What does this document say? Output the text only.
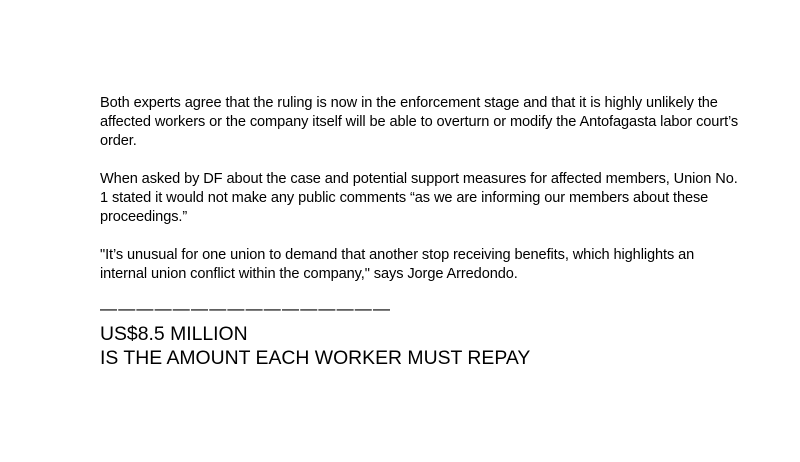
Both experts agree that the ruling is now in the enforcement stage and that it is highly unlikely the affected workers or the company itself will be able to overturn or modify the Antofagasta labor court’s order.

When asked by DF about the case and potential support measures for affected members, Union No. 1 stated it would not make any public comments “as we are informing our members about these proceedings.”

"It’s unusual for one union to demand that another stop receiving benefits, which highlights an internal union conflict within the company," says Jorge Arredondo.

————————————————
US$8.5 MILLION
IS THE AMOUNT EACH WORKER MUST REPAY
